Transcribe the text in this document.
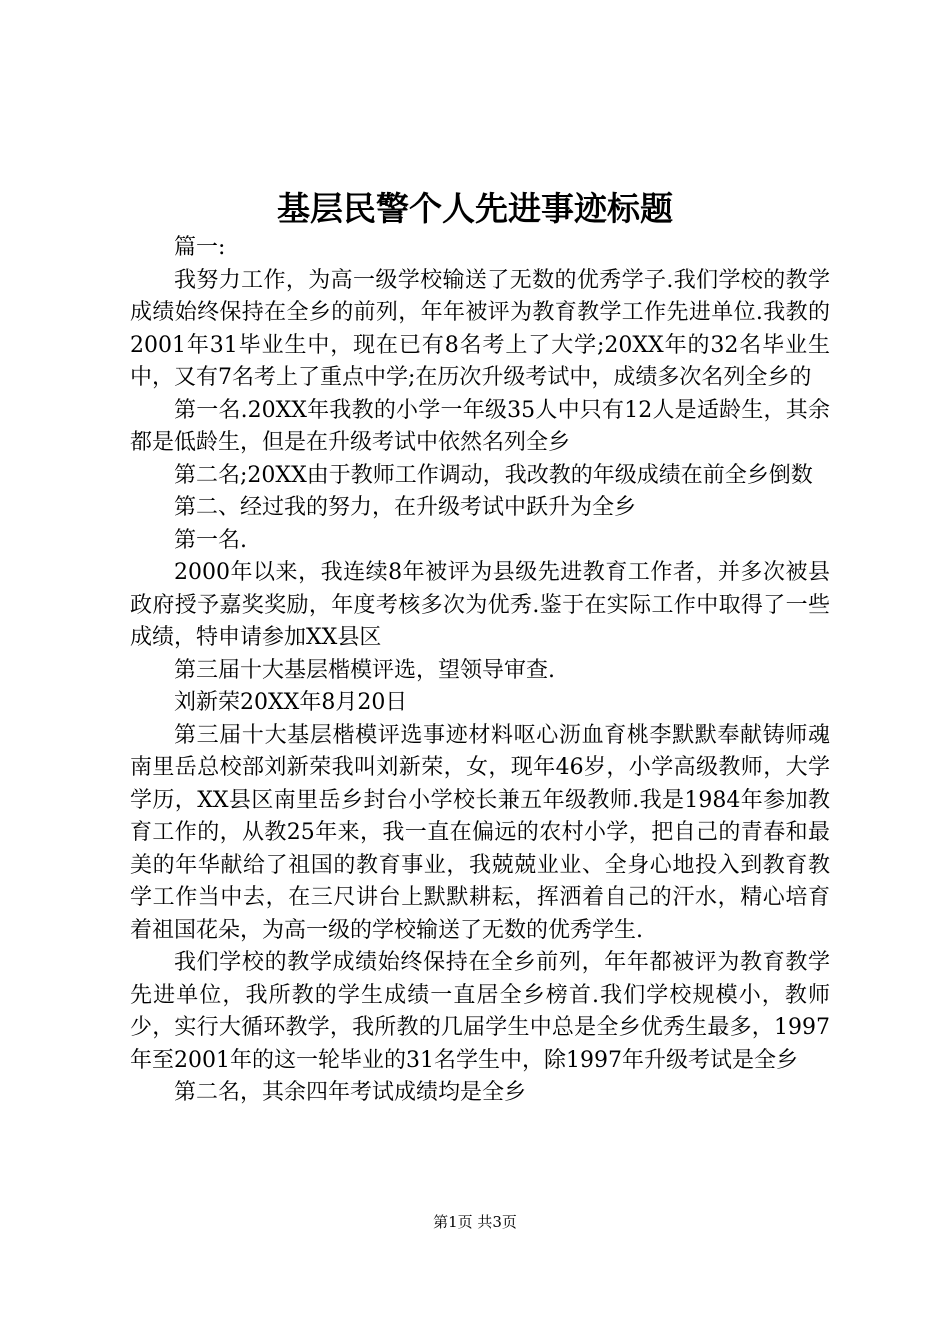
基层民警个人先进事迹标题

篇一:

我努力工作，为高一级学校输送了无数的优秀学子.我们学校的教学成绩始终保持在全乡的前列，年年被评为教育教学工作先进单位.我教的2001年31毕业生中，现在已有8名考上了大学;20XX年的32名毕业生中，又有7名考上了重点中学;在历次升级考试中，成绩多次名列全乡的

第一名.20XX年我教的小学一年级35人中只有12人是适龄生，其余都是低龄生，但是在升级考试中依然名列全乡

第二名;20XX由于教师工作调动，我改教的年级成绩在前全乡倒数

第二、经过我的努力，在升级考试中跃升为全乡

第一名.

2000年以来，我连续8年被评为县级先进教育工作者，并多次被县政府授予嘉奖奖励，年度考核多次为优秀.鉴于在实际工作中取得了一些成绩，特申请参加XX县区

第三届十大基层楷模评选，望领导审查.

刘新荣20XX年8月20日

第三届十大基层楷模评选事迹材料呕心沥血育桃李默默奉献铸师魂南里岳总校部刘新荣我叫刘新荣，女，现年46岁，小学高级教师，大学学历，XX县区南里岳乡封台小学校长兼五年级教师.我是1984年参加教育工作的，从教25年来，我一直在偏远的农村小学，把自己的青春和最美的年华献给了祖国的教育事业，我兢兢业业、全身心地投入到教育教学工作当中去，在三尺讲台上默默耕耘，挥洒着自己的汗水，精心培育着祖国花朵，为高一级的学校输送了无数的优秀学生.

我们学校的教学成绩始终保持在全乡前列，年年都被评为教育教学先进单位，我所教的学生成绩一直居全乡榜首.我们学校规模小，教师少，实行大循环教学，我所教的几届学生中总是全乡优秀生最多，1997年至2001年的这一轮毕业的31名学生中，除1997年升级考试是全乡

第二名，其余四年考试成绩均是全乡

第1页 共3页
